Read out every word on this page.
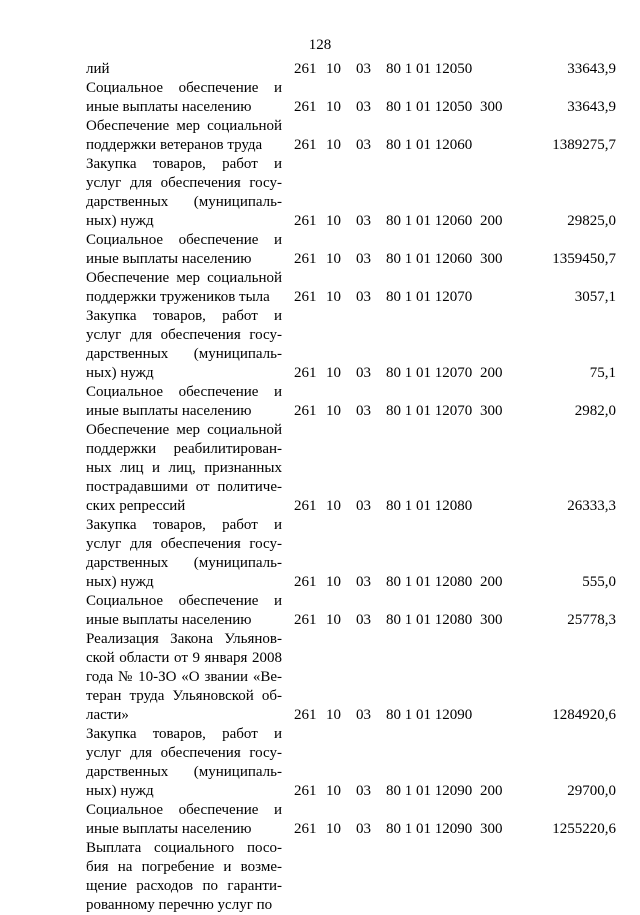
128
лий	261 10 03 80 1 01 12050	33643,9
Социальное обеспечение и
иные выплаты населению	261 10 03 80 1 01 12050 300	33643,9
Обеспечение мер социальной
поддержки ветеранов труда	261 10 03 80 1 01 12060	1389275,7
Закупка товаров, работ и
услуг для обеспечения госу-
дарственных (муниципаль-
ных) нужд	261 10 03 80 1 01 12060 200	29825,0
Социальное обеспечение и
иные выплаты населению	261 10 03 80 1 01 12060 300	1359450,7
Обеспечение мер социальной
поддержки тружеников тыла	261 10 03 80 1 01 12070	3057,1
Закупка товаров, работ и
услуг для обеспечения госу-
дарственных (муниципаль-
ных) нужд	261 10 03 80 1 01 12070 200	75,1
Социальное обеспечение и
иные выплаты населению	261 10 03 80 1 01 12070 300	2982,0
Обеспечение мер социальной
поддержки реабилитирован-
ных лиц и лиц, признанных
пострадавшими от политиче-
ских репрессий	261 10 03 80 1 01 12080	26333,3
Закупка товаров, работ и
услуг для обеспечения госу-
дарственных (муниципаль-
ных) нужд	261 10 03 80 1 01 12080 200	555,0
Социальное обеспечение и
иные выплаты населению	261 10 03 80 1 01 12080 300	25778,3
Реализация Закона Ульянов-
ской области от 9 января 2008
года № 10-ЗО «О звании «Ве-
теран труда Ульяновской об-
ласти»	261 10 03 80 1 01 12090	1284920,6
Закупка товаров, работ и
услуг для обеспечения госу-
дарственных (муниципаль-
ных) нужд	261 10 03 80 1 01 12090 200	29700,0
Социальное обеспечение и
иные выплаты населению	261 10 03 80 1 01 12090 300	1255220,6
Выплата социального посо-
бия на погребение и возме-
щение расходов по гаранти-
рованному перечню услуг по
